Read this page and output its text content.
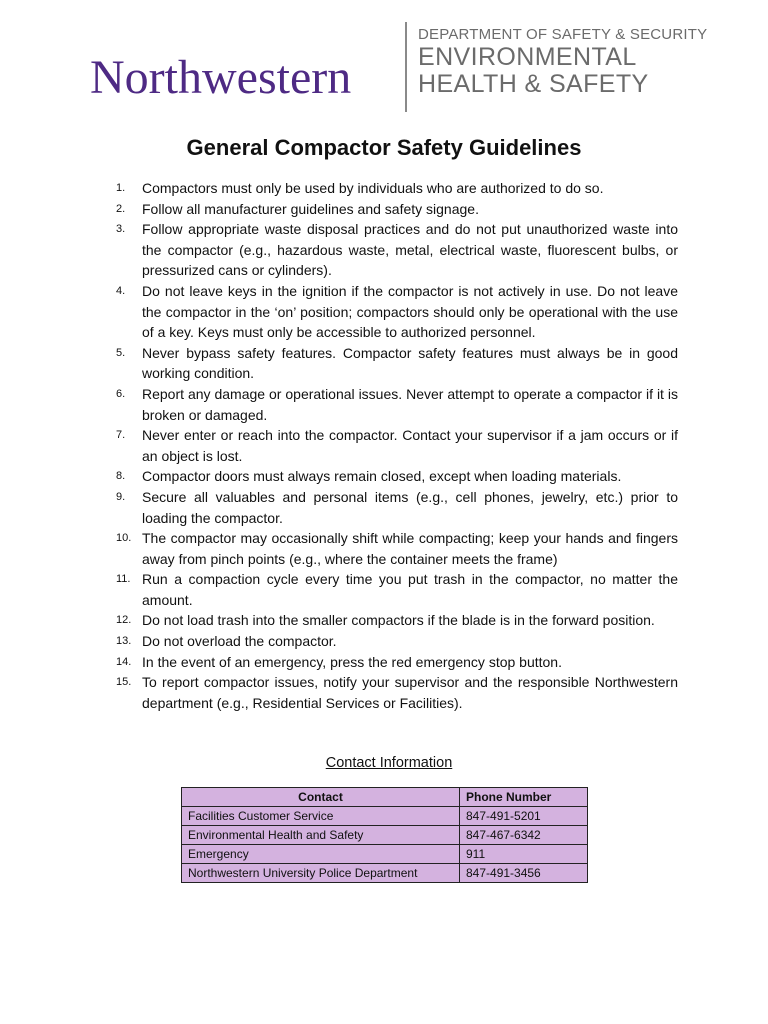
Northwestern
DEPARTMENT OF SAFETY & SECURITY
ENVIRONMENTAL
HEALTH & SAFETY
General Compactor Safety Guidelines
1.	Compactors must only be used by individuals who are authorized to do so.
2.	Follow all manufacturer guidelines and safety signage.
3.	Follow appropriate waste disposal practices and do not put unauthorized waste into the compactor (e.g., hazardous waste, metal, electrical waste, fluorescent bulbs, or pressurized cans or cylinders).
4.	Do not leave keys in the ignition if the compactor is not actively in use. Do not leave the compactor in the ‘on’ position; compactors should only be operational with the use of a key. Keys must only be accessible to authorized personnel.
5.	Never bypass safety features. Compactor safety features must always be in good working condition.
6.	Report any damage or operational issues. Never attempt to operate a compactor if it is broken or damaged.
7.	Never enter or reach into the compactor. Contact your supervisor if a jam occurs or if an object is lost.
8.	Compactor doors must always remain closed, except when loading materials.
9.	Secure all valuables and personal items (e.g., cell phones, jewelry, etc.) prior to loading the compactor.
10. The compactor may occasionally shift while compacting; keep your hands and fingers away from pinch points (e.g., where the container meets the frame)
11. Run a compaction cycle every time you put trash in the compactor, no matter the amount.
12. Do not load trash into the smaller compactors if the blade is in the forward position.
13. Do not overload the compactor.
14. In the event of an emergency, press the red emergency stop button.
15. To report compactor issues, notify your supervisor and the responsible Northwestern department (e.g., Residential Services or Facilities).
Contact Information
Contact	Phone Number
Facilities Customer Service	847-491-5201
Environmental Health and Safety	847-467-6342
Emergency	911
Northwestern University Police Department	847-491-3456
